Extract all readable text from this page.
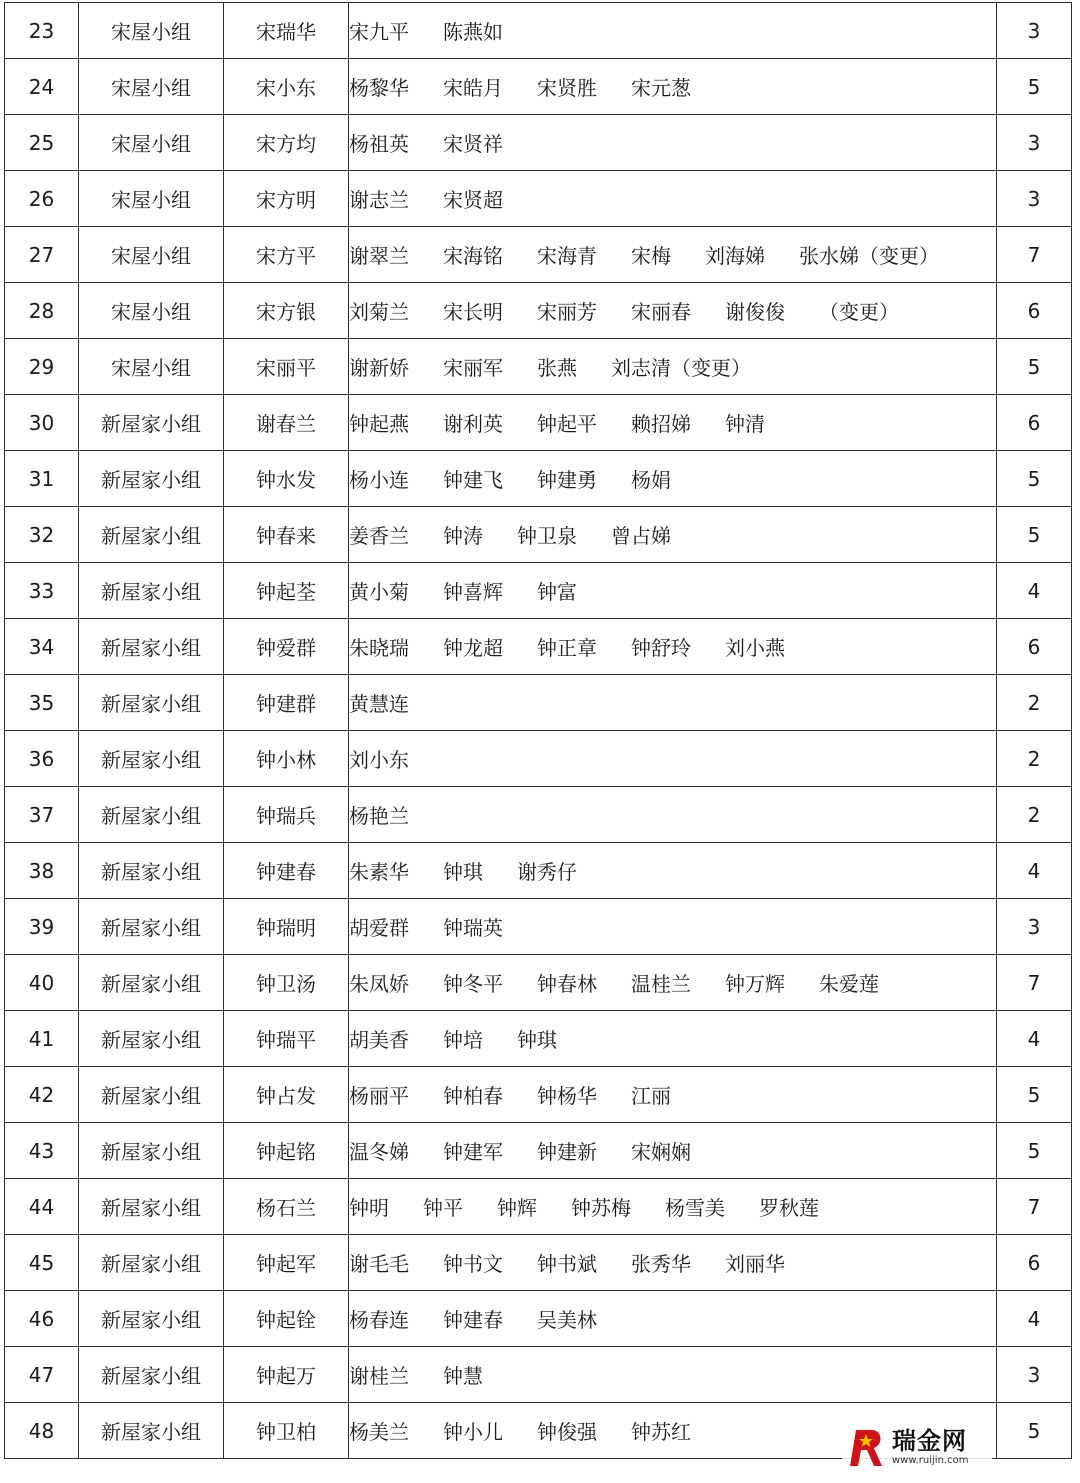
23	宋屋小组	宋瑞华	宋九平 陈燕如	3
24	宋屋小组	宋小东	杨黎华 宋皓月 宋贤胜 宋元葱	5
25	宋屋小组	宋方均	杨祖英 宋贤祥	3
26	宋屋小组	宋方明	谢志兰 宋贤超	3
27	宋屋小组	宋方平	谢翠兰 宋海铭 宋海青 宋梅 刘海娣 张水娣（变更）	7
28	宋屋小组	宋方银	刘菊兰 宋长明 宋丽芳 宋丽春 谢俊俊 （变更）	6
29	宋屋小组	宋丽平	谢新娇 宋丽军 张燕 刘志清（变更）	5
30	新屋家小组	谢春兰	钟起燕 谢利英 钟起平 赖招娣 钟清	6
31	新屋家小组	钟水发	杨小连 钟建飞 钟建勇 杨娟	5
32	新屋家小组	钟春来	姜香兰 钟涛 钟卫泉 曾占娣	5
33	新屋家小组	钟起荃	黄小菊 钟喜辉 钟富	4
34	新屋家小组	钟爱群	朱晓瑞 钟龙超 钟正章 钟舒玲 刘小燕	6
35	新屋家小组	钟建群	黄慧连	2
36	新屋家小组	钟小林	刘小东	2
37	新屋家小组	钟瑞兵	杨艳兰	2
38	新屋家小组	钟建春	朱素华 钟琪 谢秀仔	4
39	新屋家小组	钟瑞明	胡爱群 钟瑞英	3
40	新屋家小组	钟卫汤	朱凤娇 钟冬平 钟春林 温桂兰 钟万辉 朱爱莲	7
41	新屋家小组	钟瑞平	胡美香 钟培 钟琪	4
42	新屋家小组	钟占发	杨丽平 钟柏春 钟杨华 江丽	5
43	新屋家小组	钟起铭	温冬娣 钟建军 钟建新 宋娴娴	5
44	新屋家小组	杨石兰	钟明 钟平 钟辉 钟苏梅 杨雪美 罗秋莲	7
45	新屋家小组	钟起军	谢毛毛 钟书文 钟书斌 张秀华 刘丽华	6
46	新屋家小组	钟起铨	杨春连 钟建春 吴美林	4
47	新屋家小组	钟起万	谢桂兰 钟慧	3
48	新屋家小组	钟卫柏	杨美兰 钟小儿 钟俊强 钟苏红	5
瑞金网
www.ruijin.com
